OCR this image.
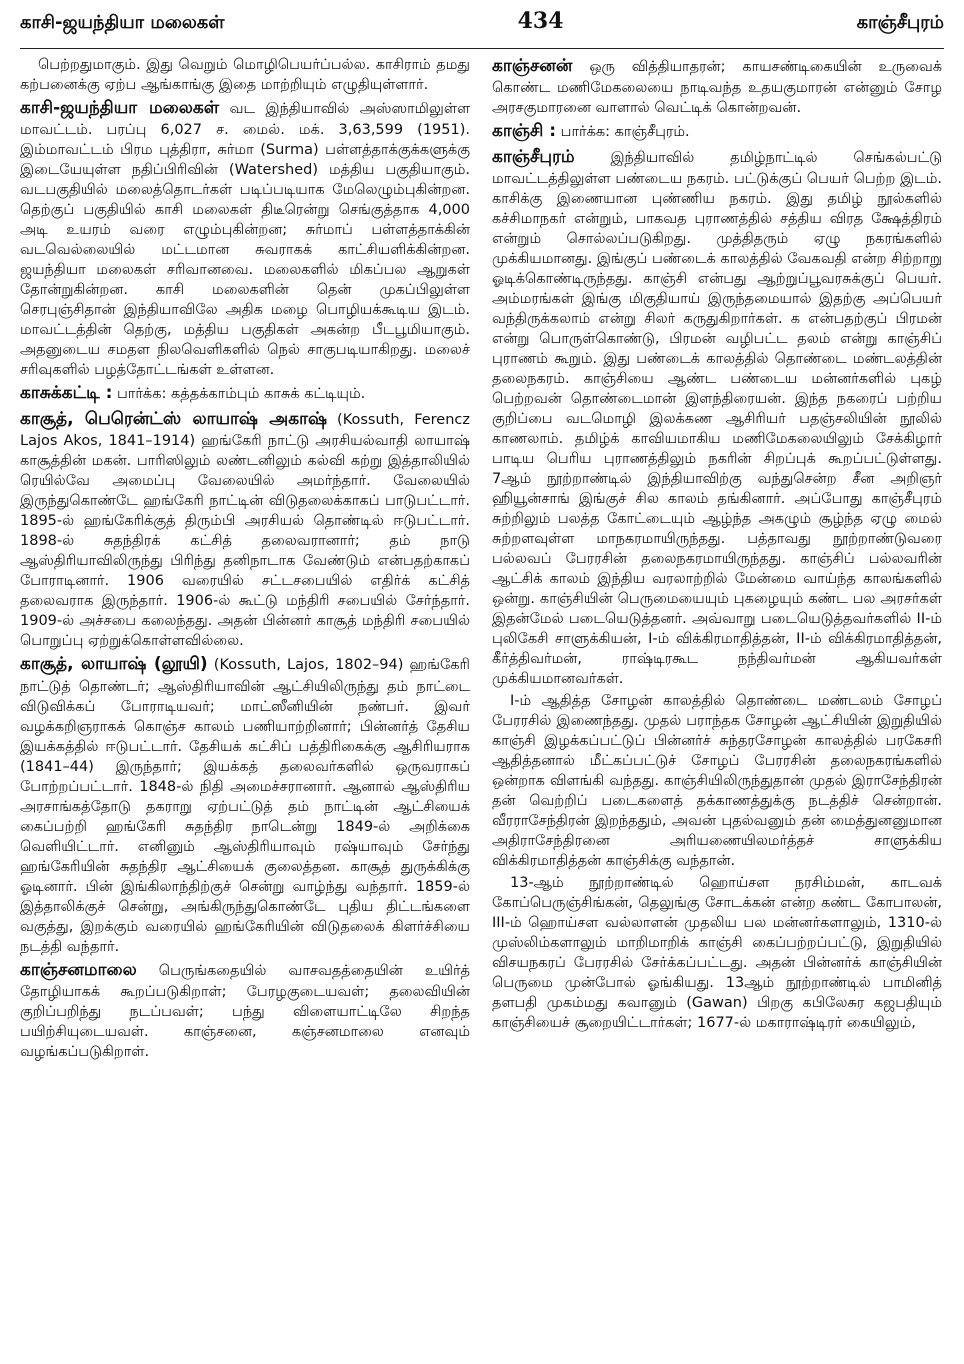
காசி-ஜயந்தியா மலைகள்	434	காஞ்சீபுரம்

பெற்றதுமாகும். இது வெறும் மொழிபெயர்ப்பல்ல. காசிராம் தமது கற்பனைக்கு ஏற்ப ஆங்காங்கு இதை மாற்றியும் எழுதியுள்ளார்.

காசி-ஜயந்தியா மலைகள் வட இந்தியாவில் அஸ்ஸாமிலுள்ள மாவட்டம். பரப்பு 6,027 ச. மைல். மக். 3,63,599 (1951). இம்மாவட்டம் பிரம புத்திரா, சுர்மா (Surma) பள்ளத்தாக்குக்களுக்கு இடையேயுள்ள நதிப்பிரிவின் (Watershed) மத்திய பகுதியாகும். வடபகுதியில் மலைத்தொடர்கள் படிப்படியாக மேலெழும்புகின்றன. தெற்குப் பகுதியில் காசி மலைகள் திடீரென்று செங்குத்தாக 4,000 அடி உயரம் வரை எழும்புகின்றன; சுர்மாப் பள்ளத்தாக்கின் வடவெல்லையில் மட்டமான சுவராகக் காட்சியளிக்கின்றன. ஜயந்தியா மலைகள் சரிவானவை. மலைகளில் மிகப்பல ஆறுகள் தோன்றுகின்றன. காசி மலைகளின் தென் முகப்பிலுள்ள செரபுஞ்சிதான் இந்தியாவிலே அதிக மழை பொழியக்கூடிய இடம். மாவட்டத்தின் தெற்கு, மத்திய பகுதிகள் அகன்ற பீடபூமியாகும். அதனுடைய சமதள நிலவெளிகளில் நெல் சாகுபடியாகிறது. மலைச் சரிவுகளில் பழத்தோட்டங்கள் உள்ளன.

காசுக்கட்டி : பார்க்க: கத்தக்காம்பும் காசுக் கட்டியும்.

காசூத், பெரென்ட்ஸ் லாயாஷ் அகாஷ் (Kossuth, Ferencz Lajos Akos, 1841–1914) ஹங்கேரி நாட்டு அரசியல்வாதி லாயாஷ் காசூத்தின் மகன். பாரிஸிலும் லண்டனிலும் கல்வி கற்று இத்தாலியில் ரெயில்வே அமைப்பு வேலையில் அமர்ந்தார். வேலையில் இருந்துகொண்டே ஹங்கேரி நாட்டின் விடுதலைக்காகப் பாடுபட்டார். 1895-ல் ஹங்கேரிக்குத் திரும்பி அரசியல் தொண்டில் ஈடுபட்டார். 1898-ல் சுதந்திரக் கட்சித் தலைவரானார்; தம் நாடு ஆஸ்திரியாவிலிருந்து பிரிந்து தனிநாடாக வேண்டும் என்பதற்காகப் போராடினார். 1906 வரையில் சட்டசபையில் எதிர்க் கட்சித் தலைவராக இருந்தார். 1906-ல் கூட்டு மந்திரி சபையில் சேர்ந்தார். 1909-ல் அச்சபை கலைந்தது. அதன் பின்னர் காசூத் மந்திரி சபையில் பொறுப்பு ஏற்றுக்கொள்ளவில்லை.

காசூத், லாயாஷ் (லூயி) (Kossuth, Lajos, 1802–94) ஹங்கேரி நாட்டுத் தொண்டர்; ஆஸ்திரியாவின் ஆட்சியிலிருந்து தம் நாட்டை விடுவிக்கப் போராடியவர்; மாட்ஸீனியின் நண்பர். இவர் வழக்கறிஞராகக் கொஞ்ச காலம் பணியாற்றினார்; பின்னர்த் தேசிய இயக்கத்தில் ஈடுபட்டார். தேசியக் கட்சிப் பத்திரிகைக்கு ஆசிரியராக (1841–44) இருந்தார்; இயக்கத் தலைவர்களில் ஒருவராகப் போற்றப்பட்டார். 1848-ல் நிதி அமைச்சரானார். ஆனால் ஆஸ்திரிய அரசாங்கத்தோடு தகராறு ஏற்பட்டுத் தம் நாட்டின் ஆட்சியைக் கைப்பற்றி ஹங்கேரி சுதந்திர நாடென்று 1849-ல் அறிக்கை வெளியிட்டார். எனினும் ஆஸ்திரியாவும் ரஷ்யாவும் சேர்ந்து ஹங்கேரியின் சுதந்திர ஆட்சியைக் குலைத்தன. காசூத் துருக்கிக்கு ஓடினார். பின் இங்கிலாந்திற்குச் சென்று வாழ்ந்து வந்தார். 1859-ல் இத்தாலிக்குச் சென்று, அங்கிருந்துகொண்டே புதிய திட்டங்களை வகுத்து, இறக்கும் வரையில் ஹங்கேரியின் விடுதலைக் கிளர்ச்சியை நடத்தி வந்தார்.

காஞ்சனமாலை பெருங்கதையில் வாசவதத்தையின் உயிர்த் தோழியாகக் கூறப்படுகிறாள்; பேரழகுடையவள்; தலைவியின் குறிப்பறிந்து நடப்பவள்; பந்து விளையாட்டிலே சிறந்த பயிற்சியுடையவள். காஞ்சனை, கஞ்சனமாலை எனவும் வழங்கப்படுகிறாள்.

காஞ்சனன் ஒரு வித்தியாதரன்; காயசண்டிகையின் உருவைக் கொண்ட மணிமேகலையை நாடிவந்த உதயகுமாரன் என்னும் சோழ அரசகுமாரனை வாளால் வெட்டிக் கொன்றவன்.

காஞ்சி : பார்க்க: காஞ்சீபுரம்.

காஞ்சீபுரம் இந்தியாவில் தமிழ்நாட்டில் செங்கல்பட்டு மாவட்டத்திலுள்ள பண்டைய நகரம். பட்டுக்குப் பெயர் பெற்ற இடம். காசிக்கு இணையான புண்ணிய நகரம். இது தமிழ் நூல்களில் கச்சிமாநகர் என்றும், பாகவத புராணத்தில் சத்திய விரத க்ஷேத்திரம் என்றும் சொல்லப்படுகிறது. முத்திதரும் ஏழு நகரங்களில் முக்கியமானது. இங்குப் பண்டைக் காலத்தில் வேகவதி என்ற சிற்றாறு ஓடிக்கொண்டிருந்தது. காஞ்சி என்பது ஆற்றுப்பூவரசுக்குப் பெயர். அம்மரங்கள் இங்கு மிகுதியாய் இருந்தமையால் இதற்கு அப்பெயர் வந்திருக்கலாம் என்று சிலர் கருதுகிறார்கள். க என்பதற்குப் பிரமன் என்று பொருள்கொண்டு, பிரமன் வழிபட்ட தலம் என்று காஞ்சிப் புராணம் கூறும். இது பண்டைக் காலத்தில் தொண்டை மண்டலத்தின் தலைநகரம். காஞ்சியை ஆண்ட பண்டைய மன்னர்களில் புகழ் பெற்றவன் தொண்டைமான் இளந்திரையன். இந்த நகரைப் பற்றிய குறிப்பை வடமொழி இலக்கண ஆசிரியர் பதஞ்சலியின் நூலில் காணலாம். தமிழ்க் காவியமாகிய மணிமேகலையிலும் சேக்கிழார் பாடிய பெரிய புராணத்திலும் நகரின் சிறப்புக் கூறப்பட்டுள்ளது. 7ஆம் நூற்றாண்டில் இந்தியாவிற்கு வந்துசென்ற சீன அறிஞர் ஹியூன்சாங் இங்குச் சில காலம் தங்கினார். அப்போது காஞ்சீபுரம் சுற்றிலும் பலத்த கோட்டையும் ஆழ்ந்த அகழும் சூழ்ந்த ஏழு மைல் சுற்றளவுள்ள மாநகரமாயிருந்தது. பத்தாவது நூற்றாண்டுவரை பல்லவப் பேரரசின் தலைநகரமாயிருந்தது. காஞ்சிப் பல்லவரின் ஆட்சிக் காலம் இந்திய வரலாற்றில் மேன்மை வாய்ந்த காலங்களில் ஒன்று. காஞ்சியின் பெருமையையும் புகழையும் கண்ட பல அரசர்கள் இதன்மேல் படையெடுத்தனர். அவ்வாறு படையெடுத்தவர்களில் II-ம் புலிகேசி சாளுக்கியன், I-ம் விக்கிரமாதித்தன், II-ம் விக்கிரமாதித்தன், கீர்த்திவர்மன், ராஷ்டிரகூட நந்திவர்மன் ஆகியவர்கள் முக்கியமானவர்கள்.

I-ம் ஆதித்த சோழன் காலத்தில் தொண்டை மண்டலம் சோழப் பேரரசில் இணைந்தது. முதல் பராந்தக சோழன் ஆட்சியின் இறுதியில் காஞ்சி இழக்கப்பட்டுப் பின்னர்ச் சுந்தரசோழன் காலத்தில் பரகேசரி ஆதித்தனால் மீட்கப்பட்டுச் சோழப் பேரரசின் தலைநகரங்களில் ஒன்றாக விளங்கி வந்தது. காஞ்சியிலிருந்துதான் முதல் இராசேந்திரன் தன் வெற்றிப் படைகளைத் தக்காணத்துக்கு நடத்திச் சென்றான். வீரராசேந்திரன் இறந்ததும், அவன் புதல்வனும் தன் மைத்துனனுமான அதிராசேந்திரனை அரியணையிலமர்த்தச் சாளுக்கிய விக்கிரமாதித்தன் காஞ்சிக்கு வந்தான்.

13-ஆம் நூற்றாண்டில் ஹொய்சள நரசிம்மன், காடவக் கோப்பெருஞ்சிங்கன், தெலுங்கு சோடக்கன் என்ற கண்ட கோபாலன், III-ம் ஹொய்சள வல்லாளன் முதலிய பல மன்னர்களாலும், 1310-ல் முஸ்லிம்களாலும் மாறிமாறிக் காஞ்சி கைப்பற்றப்பட்டு, இறுதியில் விசயநகரப் பேரரசில் சேர்க்கப்பட்டது. அதன் பின்னர்க் காஞ்சியின் பெருமை முன்போல் ஓங்கியது. 13ஆம் நூற்றாண்டில் பாமினித் தளபதி முகம்மது கவானும் (Gawan) பிறகு கபிலேசுர கஜபதியும் காஞ்சியைச் சூறையிட்டார்கள்; 1677-ல் மகாராஷ்டிரர் கையிலும்,
